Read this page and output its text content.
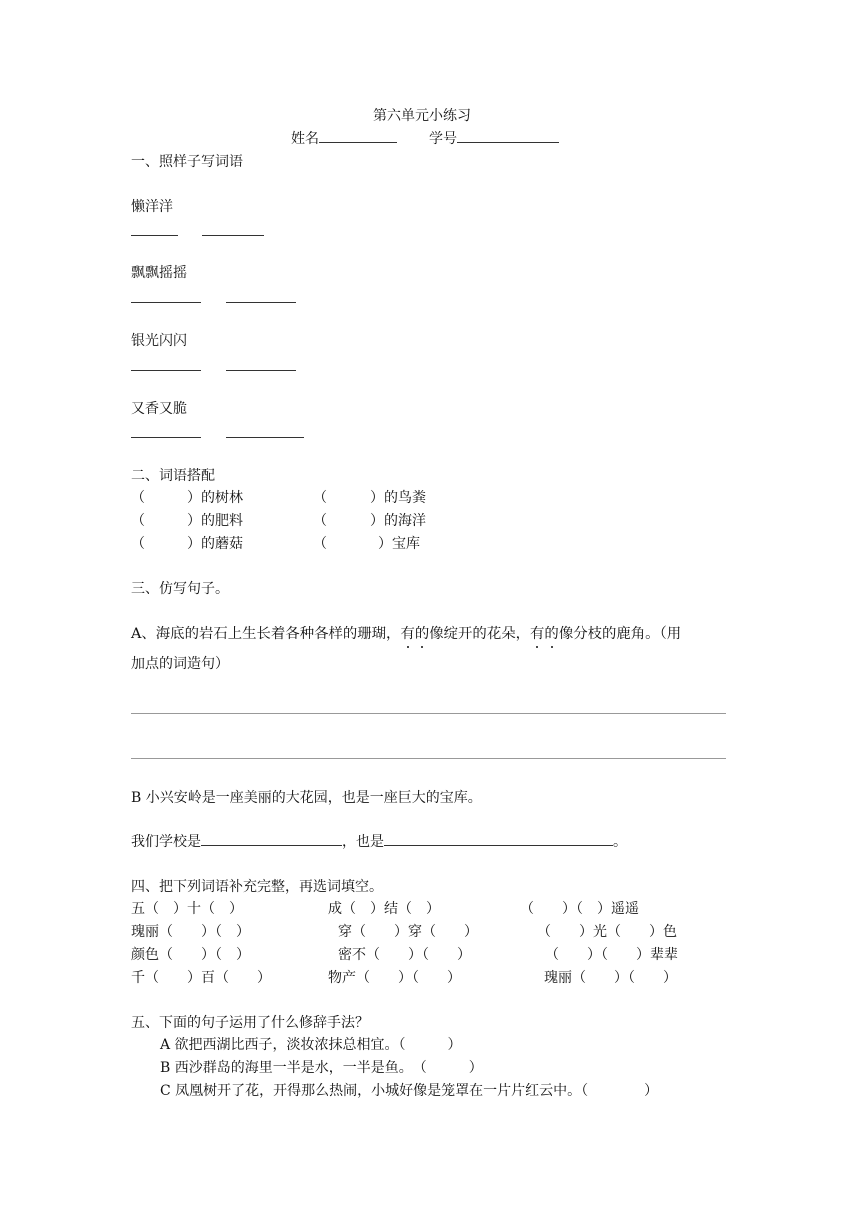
第六单元小练习
姓名	学号
一、照样子写词语
懒洋洋
飘飘摇摇
银光闪闪
又香又脆
二、词语搭配
（	）的树林	（	）的鸟粪
（	）的肥料	（	）的海洋
（	）的蘑菇	（	）宝库
三、仿写句子。
A、海底的岩石上生长着各种各样的珊瑚，有的像绽开的花朵，有的像分枝的鹿角。（用
加点的词造句）
B 小兴安岭是一座美丽的大花园，也是一座巨大的宝库。
我们学校是	，也是	。
四、把下列词语补充完整，再选词填空。
五（　）十（　）	成（　）结（　）	（　　）（　）遥遥
瑰丽（　　）（　）	穿（　　）穿（　　）	（　　）光（　　）色
颜色（　　）（　）	密不（　　）（　　）	（　　）（　　）辈辈
千（　　）百（　　）	物产（　　）（　　）	瑰丽（　　）（　　）
五、下面的句子运用了什么修辞手法？
A 欲把西湖比西子，淡妆浓抹总相宜。（　　　）
B 西沙群岛的海里一半是水，一半是鱼。　（　　　）
C 凤凰树开了花，开得那么热闹，小城好像是笼罩在一片片红云中。（　　　　）
